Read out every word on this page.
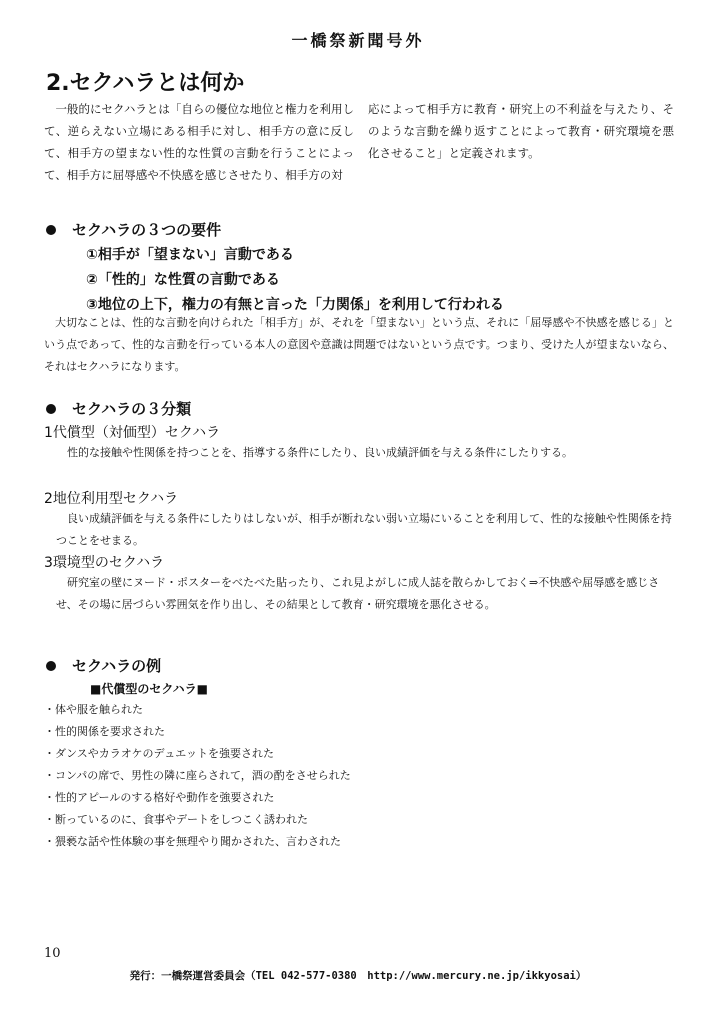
一橋祭新聞号外
2.セクハラとは何か
一般的にセクハラとは「自らの優位な地位と権力を利用して、逆らえない立場にある相手に対し、相手方の意に反して、相手方の望まない性的な性質の言動を行うことによって、相手方に屈辱感や不快感を感じさせたり、相手方の対
応によって相手方に教育・研究上の不利益を与えたり、そのような言動を繰り返すことによって教育・研究環境を悪化させること」と定義されます。
セクハラの３つの要件
①相手が「望まない」言動である
②「性的」な性質の言動である
③地位の上下，権力の有無と言った「力関係」を利用して行われる
大切なことは、性的な言動を向けられた「相手方」が、それを「望まない」という点、それに「屈辱感や不快感を感じる」という点であって、性的な言動を行っている本人の意図や意識は問題ではないという点です。つまり、受けた人が望まないなら、それはセクハラになります。
セクハラの３分類
1代償型（対価型）セクハラ
性的な接触や性関係を持つことを、指導する条件にしたり、良い成績評価を与える条件にしたりする。
2地位利用型セクハラ
良い成績評価を与える条件にしたりはしないが、相手が断れない弱い立場にいることを利用して、性的な接触や性関係を持つことをせまる。
3環境型のセクハラ
研究室の壁にヌード・ポスターをべたべた貼ったり、これ見よがしに成人誌を散らかしておく⇒不快感や屈辱感を感じさせ、その場に居づらい雰囲気を作り出し、その結果として教育・研究環境を悪化させる。
セクハラの例
■代償型のセクハラ■
・体や服を触られた
・性的関係を要求された
・ダンスやカラオケのデュエットを強要された
・コンパの席で、男性の隣に座らされて，酒の酌をさせられた
・性的アピールのする格好や動作を強要された
・断っているのに、食事やデートをしつこく誘われた
・猥褻な話や性体験の事を無理やり聞かされた、言わされた
10
発行：一橋祭運営委員会（TEL 042-577-0380　http://www.mercury.ne.jp/ikkyosai）
